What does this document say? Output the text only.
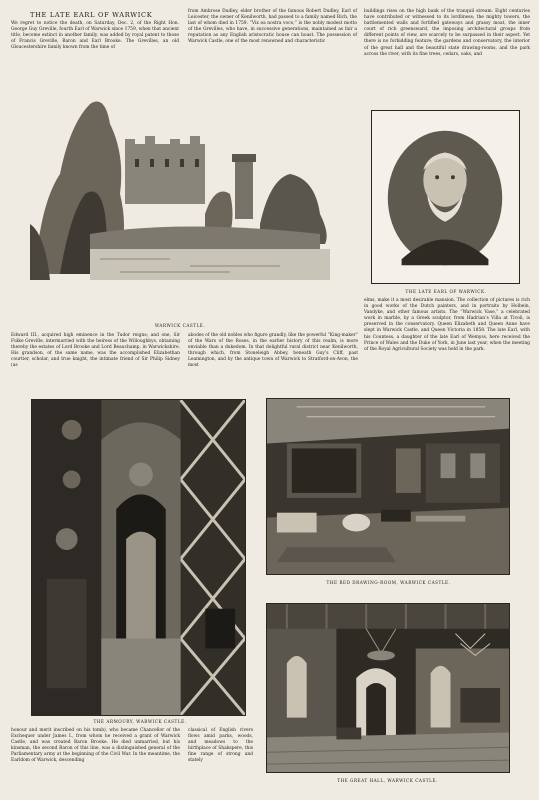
THE LATE EARL OF WARWICK
We regret to notice the death, on Saturday, Dec. 2, of the Right Hon. George Guy Greville, fourth Earl of Warwick since 1759, when that ancient title, become extinct in another family, was added by royal patent to those of Francis Greville, Baron and Earl Brooke. The Grevilles, an old Gloucestershire family known from the time of
from Ambrose Dudley, elder brother of the famous Robert Dudley, Earl of Leicester, the owner of Kenilworth, had passed to a family named Rich, the last of whom died in 1759. “Vix ea nostra voco,” is the nobly modest motto of the Grevilles, who have, in successive generations, maintained as fair a reputation as any English aristocratic house can boast. The possession of Warwick Castle, one of the most renowned and characteristic
buildings rises on the high bank of the tranquil stream. Eight centuries have contributed or witnessed to its lordliness; the mighty towers, the battlemented walls and fortified gateways and grassy moat, the inner court of rich greensward, the imposing architectural groups from different points of view, are scarcely to be surpassed in their aspect. Yet there is no forbidding feature; the gardens and conservatory, the interior of the great hall and the beautiful state drawing-rooms, and the park across the river, with its fine trees, cedars, oaks, and
WARWICK CASTLE.
THE LATE EARL OF WARWICK.
Edward III., acquired high eminence in the Tudor reigns; and one, Sir Fulke Greville, intermarried with the heiress of the Willoughbys, obtaining thereby the estates of Lord Brooke and Lord Beauchamp, in Warwickshire. His grandson, of the same name, was the accomplished Elizabethan courtier, scholar, and true knight, the intimate friend of Sir Philip Sidney (as
abodes of the old nobles who figure grandly, like the powerful “King-maker” of the Wars of the Roses, in the earlier history of this realm, is more enviable than a dukedom. In that delightful rural district near Kenilworth, through which, from Stoneleigh Abbey, beneath Guy’s Cliff, past Leamington, and by the antique town of Warwick to Stratford-on-Avon, the most
elms, make it a most desirable mansion. The collection of pictures is rich in good works of the Dutch painters, and in portraits by Holbein, Vandyke, and other famous artists. The “Warwick Vase,” a celebrated work in marble, by a Greek sculptor, from Hadrian’s Villa at Tivoli, is preserved in the conservatory. Queen Elizabeth and Queen Anne have slept in Warwick Castle, and Queen Victoria in 1858. The late Earl, with his Countess, a daughter of the late Earl of Wemyss, here received the Prince of Wales and the Duke of York, in June last year, when the meeting of the Royal Agricultural Society was held in the park.
THE ARMOURY, WARWICK CASTLE.
THE RED DRAWING-ROOM, WARWICK CASTLE.
THE GREAT HALL, WARWICK CASTLE.
honour and merit inscribed on his tomb), who became Chancellor of the Exchequer under James I., from whom he received a grant of Warwick Castle, and was created Baron Brooke. He died unmarried, but his kinsman, the second Baron of this line, was a distinguished general of the Parliamentary army at the beginning of the Civil War. In the meantime, the Earldom of Warwick, descending
classical of English rivers flows amid parks, woods, and meadows to the birthplace of Shakspere, this fine range of strong and stately
